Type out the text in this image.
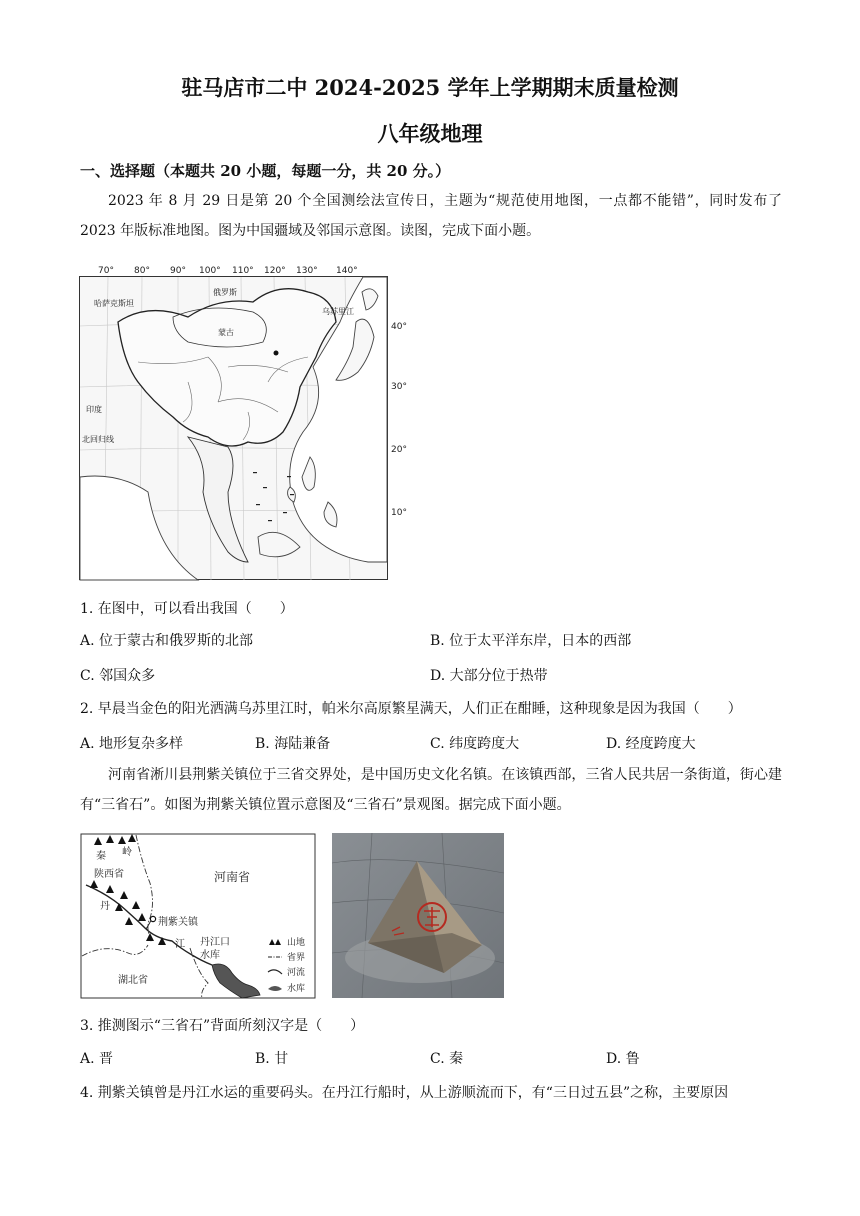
驻马店市二中 2024-2025 学年上学期期末质量检测
八年级地理
一、选择题（本题共 20 小题，每题一分，共 20 分。）
2023 年 8 月 29 日是第 20 个全国测绘法宣传日，主题为“规范使用地图，一点都不能错”，同时发布了 2023 年版标准地图。图为中国疆域及邻国示意图。读图，完成下面小题。
70° 80° 90° 100° 110° 120° 130° 140°
40°
30°
20°
10°
俄罗斯
哈萨克斯坦
蒙古
乌苏里江
印度
北回归线
1. 在图中，可以看出我国（　　）
A. 位于蒙古和俄罗斯的北部	B. 位于太平洋东岸，日本的西部
C. 邻国众多	D. 大部分位于热带
2. 早晨当金色的阳光洒满乌苏里江时，帕米尔高原繁星满天，人们正在酣睡，这种现象是因为我国（　　）
A. 地形复杂多样	B. 海陆兼备	C. 纬度跨度大	D. 经度跨度大
河南省淅川县荆紫关镇位于三省交界处，是中国历史文化名镇。在该镇西部，三省人民共居一条街道，街心建有“三省石”。如图为荆紫关镇位置示意图及“三省石”景观图。据完成下面小题。
秦 岭
陕西省	河南省
丹
荆紫关镇
江 丹江口
水库
湖北省
山地
省界
河流
水库
3. 推测图示“三省石”背面所刻汉字是（　　）
A. 晋	B. 甘	C. 秦	D. 鲁
4. 荆紫关镇曾是丹江水运的重要码头。在丹江行船时，从上游顺流而下，有“三日过五县”之称，主要原因
